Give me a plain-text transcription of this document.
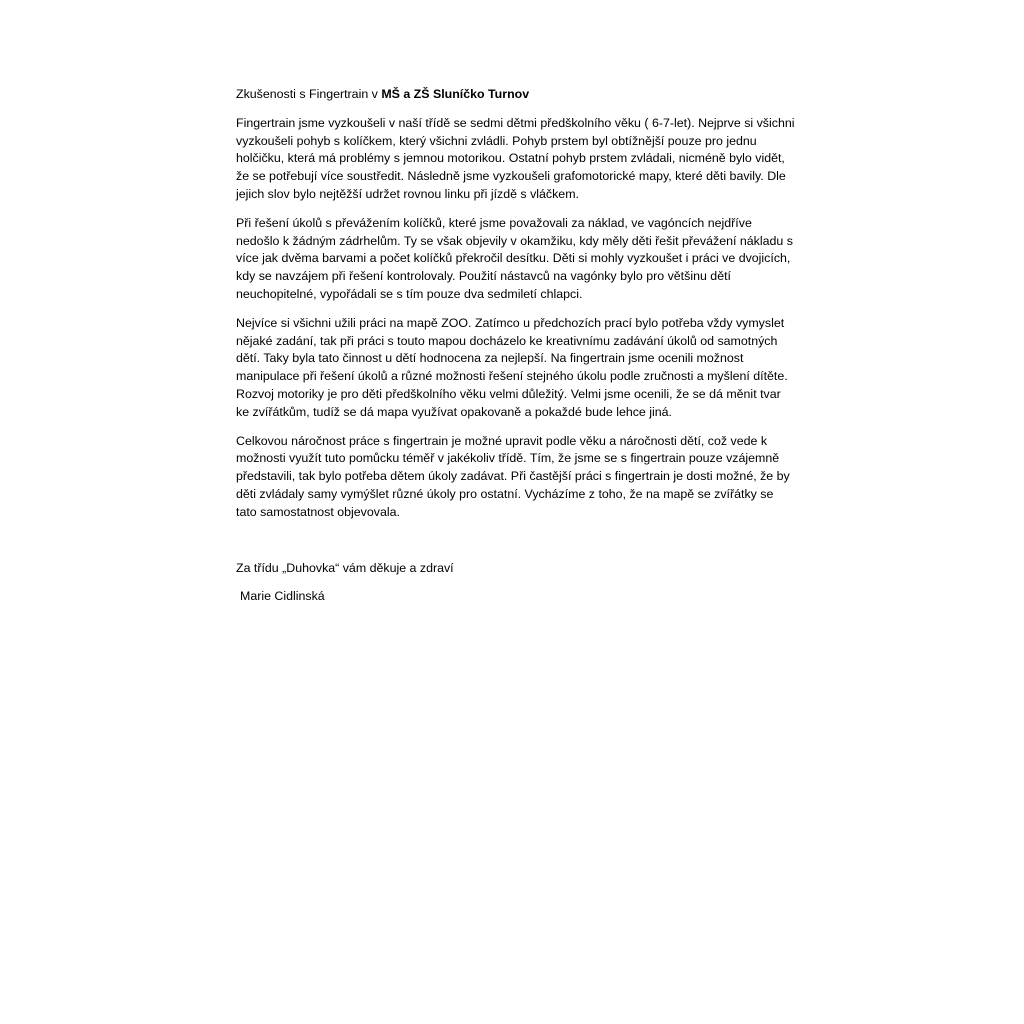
Zkušenosti s Fingertrain v MŠ a ZŠ Sluníčko Turnov

Fingertrain jsme vyzkoušeli v naší třídě se sedmi dětmi předškolního věku ( 6-7-let). Nejprve si všichni vyzkoušeli pohyb s kolíčkem, který všichni zvládli. Pohyb prstem byl obtížnější pouze pro jednu holčičku, která má problémy s jemnou motorikou. Ostatní pohyb prstem zvládali, nicméně bylo vidět, že se potřebují více soustředit. Následně jsme vyzkoušeli grafomotorické mapy, které děti bavily. Dle jejich slov bylo nejtěžší udržet rovnou linku při jízdě s vláčkem.

Při řešení úkolů s převážením kolíčků, které jsme považovali za náklad, ve vagóncích nejdříve nedošlo k žádným zádrhelům. Ty se však objevily v okamžiku, kdy měly děti řešit převážení nákladu s více jak dvěma barvami a počet kolíčků překročil desítku. Děti si mohly vyzkoušet i práci ve dvojicích, kdy se navzájem při řešení kontrolovaly. Použití nástavců na vagónky bylo pro většinu dětí neuchopitelné, vypořádali se s tím pouze dva sedmiletí chlapci.

Nejvíce si všichni užili práci na mapě ZOO. Zatímco u předchozích prací bylo potřeba vždy vymyslet nějaké zadání, tak při práci s touto mapou docházelo ke kreativnímu zadávání úkolů od samotných dětí. Taky byla tato činnost u dětí hodnocena za nejlepší. Na fingertrain jsme ocenili možnost manipulace při řešení úkolů a různé možnosti řešení stejného úkolu podle zručnosti a myšlení dítěte. Rozvoj motoriky je pro děti předškolního věku velmi důležitý. Velmi jsme ocenili, že se dá měnit tvar ke zvířátkům, tudíž se dá mapa využívat opakovaně a pokaždé bude lehce jiná.

Celkovou náročnost práce s fingertrain je možné upravit podle věku a náročnosti dětí, což vede k možnosti využít tuto pomůcku téměř v jakékoliv třídě. Tím, že jsme se s fingertrain pouze vzájemně představili, tak bylo potřeba dětem úkoly zadávat. Při častější práci s fingertrain je dosti možné, že by děti zvládaly samy vymýšlet různé úkoly pro ostatní. Vycházíme z toho, že na mapě se zvířátky se tato samostatnost objevovala.

Za třídu „Duhovka“ vám děkuje a zdraví
Marie Cidlinská
